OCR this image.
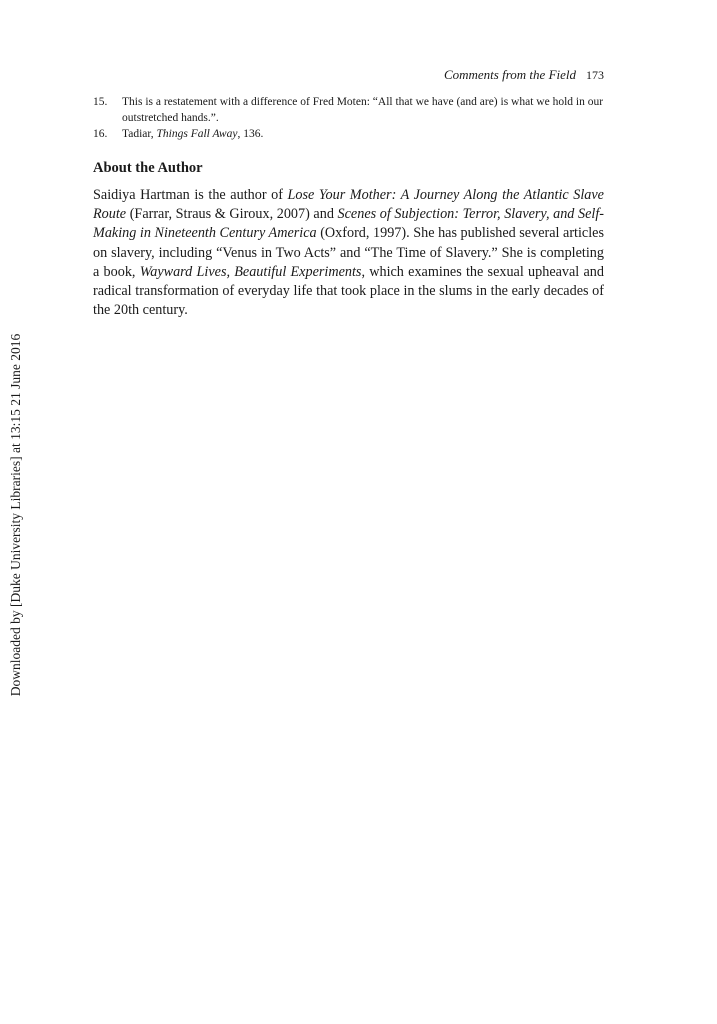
Comments from the Field 173

15.	This is a restatement with a difference of Fred Moten: “All that we have (and are) is what we hold in our outstretched hands.”.

16.	Tadiar, Things Fall Away, 136.

About the Author

Saidiya Hartman is the author of Lose Your Mother: A Journey Along the Atlantic Slave Route (Farrar, Straus & Giroux, 2007) and Scenes of Subjection: Terror, Slavery, and Self-Making in Nineteenth Century America (Oxford, 1997). She has published several articles on slavery, including “Venus in Two Acts” and “The Time of Slavery.” She is completing a book, Wayward Lives, Beautiful Experiments, which examines the sexual upheaval and radical transformation of everyday life that took place in the slums in the early decades of the 20th century.

Downloaded by [Duke University Libraries] at 13:15 21 June 2016
